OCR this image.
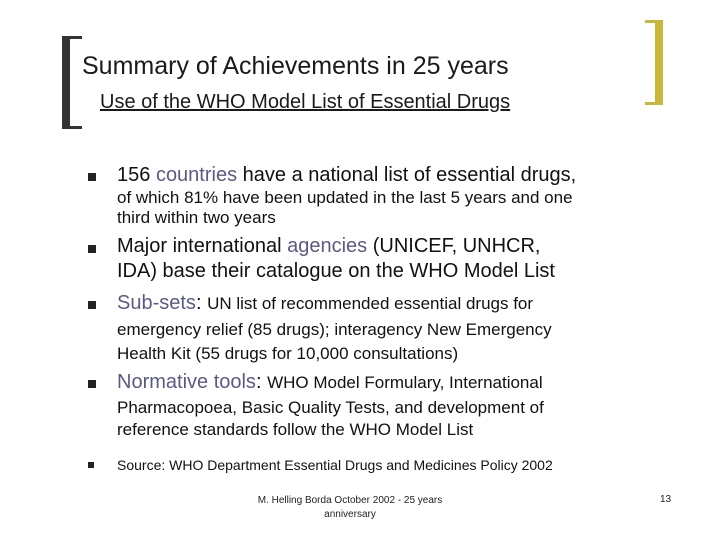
Summary of Achievements in 25 years
Use of the WHO Model List of Essential Drugs
156 countries have a national list of essential drugs,
of which 81% have been updated in the last 5 years and one
third within two years
Major international agencies (UNICEF, UNHCR,
IDA) base their catalogue on the WHO Model List
Sub-sets: UN list of recommended essential drugs for
emergency relief (85 drugs); interagency New Emergency
Health Kit (55 drugs for 10,000 consultations)
Normative tools: WHO Model Formulary, International
Pharmacopoea, Basic Quality Tests, and development of
reference standards follow the WHO Model List
Source: WHO Department Essential Drugs and Medicines Policy 2002
M. Helling Borda October 2002 - 25 years
anniversary
13
